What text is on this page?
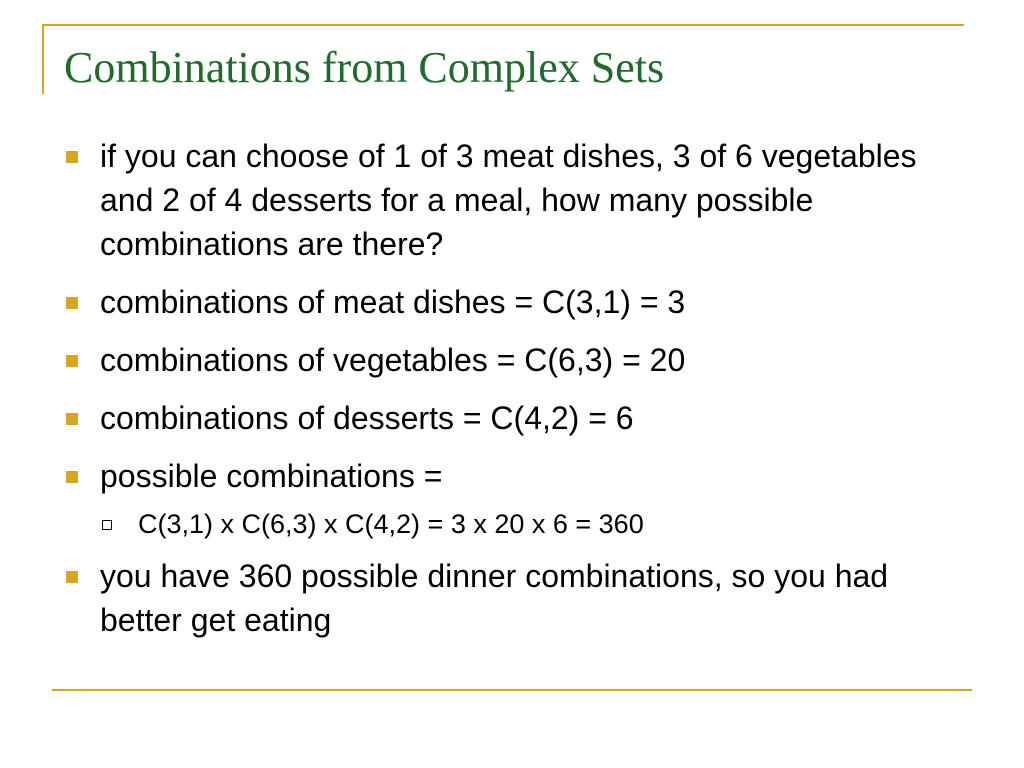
Combinations from Complex Sets
if you can choose of 1 of 3 meat dishes, 3 of 6 vegetables and 2 of 4 desserts for a meal, how many possible combinations are there?
combinations of meat dishes = C(3,1) = 3
combinations of vegetables = C(6,3) = 20
combinations of desserts = C(4,2) = 6
possible combinations =
C(3,1) x C(6,3) x C(4,2) = 3 x 20 x 6 = 360
you have 360 possible dinner combinations, so you had better get eating
